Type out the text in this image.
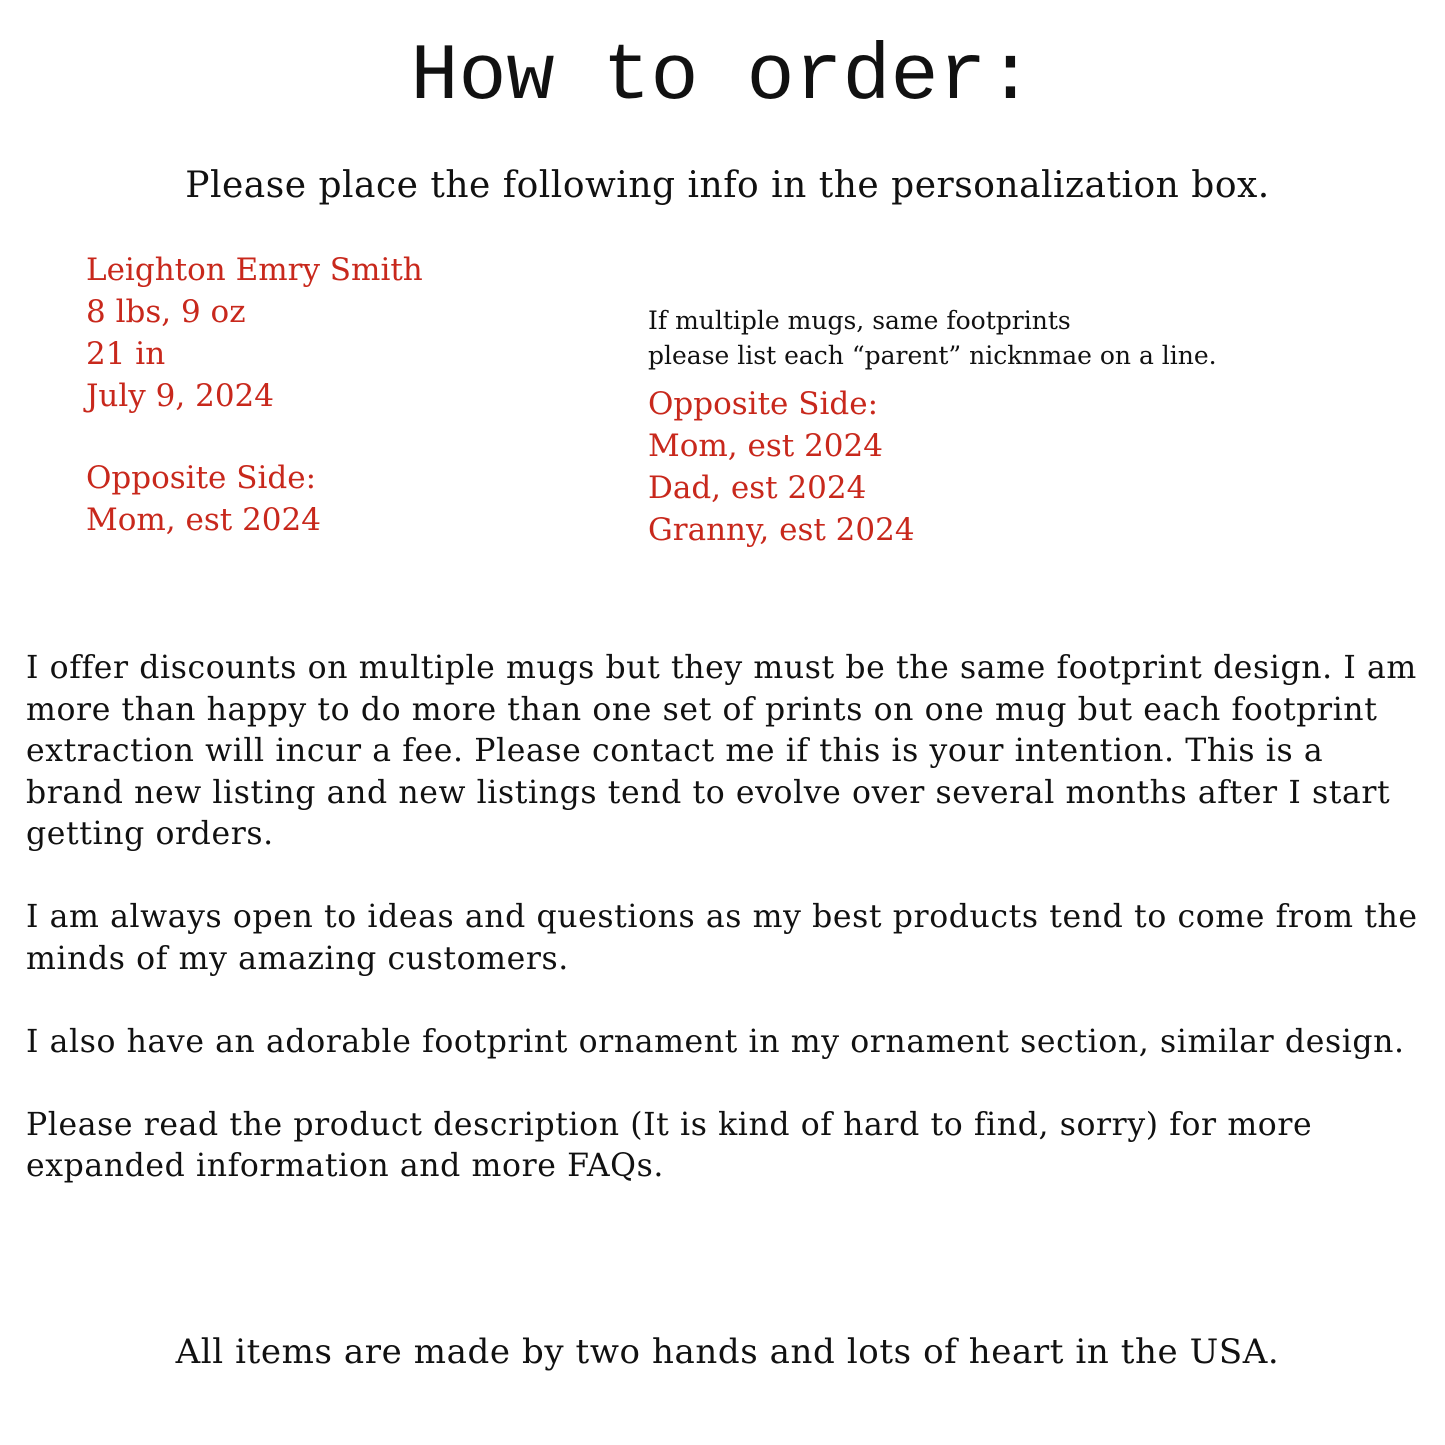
How to order:
Please place the following info in the personalization box.
Leighton Emry Smith
8 lbs, 9 oz
21 in
July 9, 2024
Opposite Side:
Mom, est 2024
If multiple mugs, same footprints
please list each “parent” nicknmae on a line.
Opposite Side:
Mom, est 2024
Dad, est 2024
Granny, est 2024

I offer discounts on multiple mugs but they must be the same footprint design. I am more than happy to do more than one set of prints on one mug but each footprint extraction will incur a fee. Please contact me if this is your intention. This is a brand new listing and new listings tend to evolve over several months after I start getting orders.

I am always open to ideas and questions as my best products tend to come from the minds of my amazing customers.

I also have an adorable footprint ornament in my ornament section, similar design.

Please read the product description (It is kind of hard to find, sorry) for more expanded information and more FAQs.

All items are made by two hands and lots of heart in the USA.
